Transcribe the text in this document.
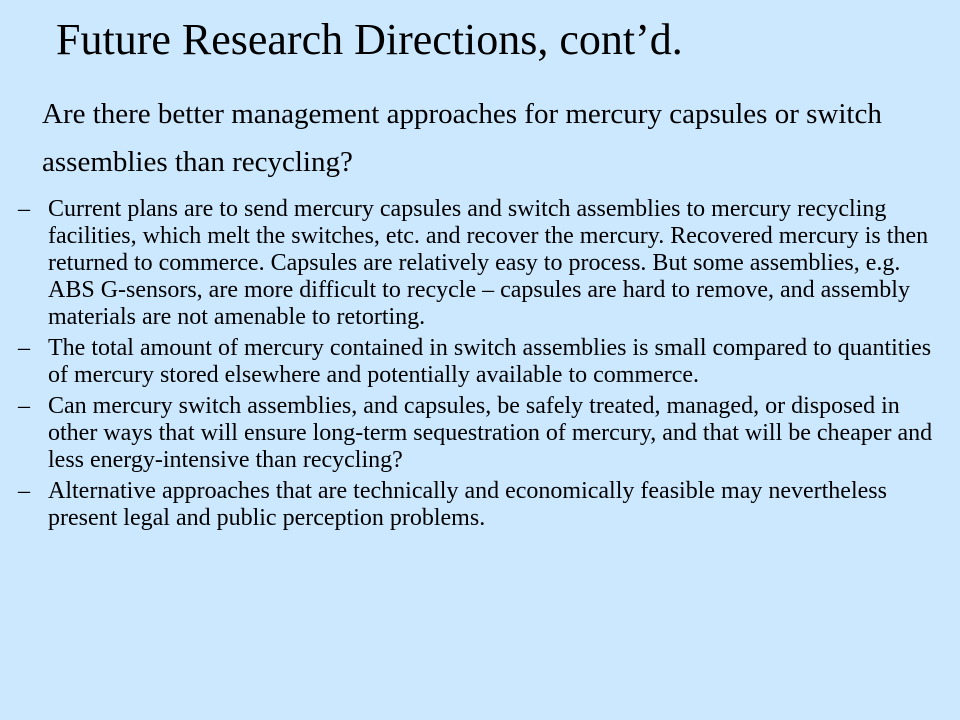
Future Research Directions, cont’d.
Are there better management approaches for mercury capsules or switch assemblies than recycling?
– Current plans are to send mercury capsules and switch assemblies to mercury recycling facilities, which melt the switches, etc. and recover the mercury. Recovered mercury is then returned to commerce. Capsules are relatively easy to process. But some assemblies, e.g. ABS G-sensors, are more difficult to recycle – capsules are hard to remove, and assembly materials are not amenable to retorting.
– The total amount of mercury contained in switch assemblies is small compared to quantities of mercury stored elsewhere and potentially available to commerce.
– Can mercury switch assemblies, and capsules, be safely treated, managed, or disposed in other ways that will ensure long-term sequestration of mercury, and that will be cheaper and less energy-intensive than recycling?
– Alternative approaches that are technically and economically feasible may nevertheless present legal and public perception problems.
